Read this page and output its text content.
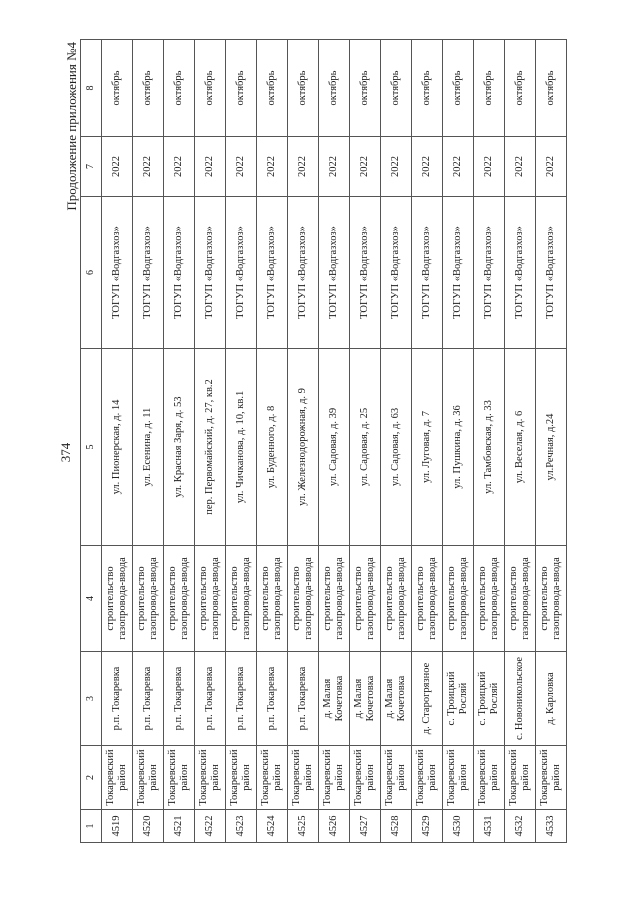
374
Продолжение приложения №4
1	2	3	4	5	6	7	8
4519	Токаревский район	р.п. Токаревка	строительство газопровода-ввода	ул. Пионерская, д. 14	ТОГУП «Водгазхоз»	2022	октябрь
4520	Токаревский район	р.п. Токаревка	строительство газопровода-ввода	ул. Есенина, д. 11	ТОГУП «Водгазхоз»	2022	октябрь
4521	Токаревский район	р.п. Токаревка	строительство газопровода-ввода	ул. Красная Заря, д. 53	ТОГУП «Водгазхоз»	2022	октябрь
4522	Токаревский район	р.п. Токаревка	строительство газопровода-ввода	пер. Первомайский, д. 27, кв.2	ТОГУП «Водгазхоз»	2022	октябрь
4523	Токаревский район	р.п. Токаревка	строительство газопровода-ввода	ул. Чичканова, д. 10, кв.1	ТОГУП «Водгазхоз»	2022	октябрь
4524	Токаревский район	р.п. Токаревка	строительство газопровода-ввода	ул. Буденного, д. 8	ТОГУП «Водгазхоз»	2022	октябрь
4525	Токаревский район	р.п. Токаревка	строительство газопровода-ввода	ул. Железнодорожная, д. 9	ТОГУП «Водгазхоз»	2022	октябрь
4526	Токаревский район	д. Малая Кочетовка	строительство газопровода-ввода	ул. Садовая, д. 39	ТОГУП «Водгазхоз»	2022	октябрь
4527	Токаревский район	д. Малая Кочетовка	строительство газопровода-ввода	ул. Садовая, д. 25	ТОГУП «Водгазхоз»	2022	октябрь
4528	Токаревский район	д. Малая Кочетовка	строительство газопровода-ввода	ул. Садовая, д. 63	ТОГУП «Водгазхоз»	2022	октябрь
4529	Токаревский район	д. Старогрязное	строительство газопровода-ввода	ул. Луговая, д. 7	ТОГУП «Водгазхоз»	2022	октябрь
4530	Токаревский район	с. Троицкий Росляй	строительство газопровода-ввода	ул. Пушкина, д. 36	ТОГУП «Водгазхоз»	2022	октябрь
4531	Токаревский район	с. Троицкий Росляй	строительство газопровода-ввода	ул. Тамбовская, д. 33	ТОГУП «Водгазхоз»	2022	октябрь
4532	Токаревский район	с. Новоникольское	строительство газопровода-ввода	ул. Веселая, д. 6	ТОГУП «Водгазхоз»	2022	октябрь
4533	Токаревский район	д. Карловка	строительство газопровода-ввода	ул.Речная, д.24	ТОГУП «Водгазхоз»	2022	октябрь
